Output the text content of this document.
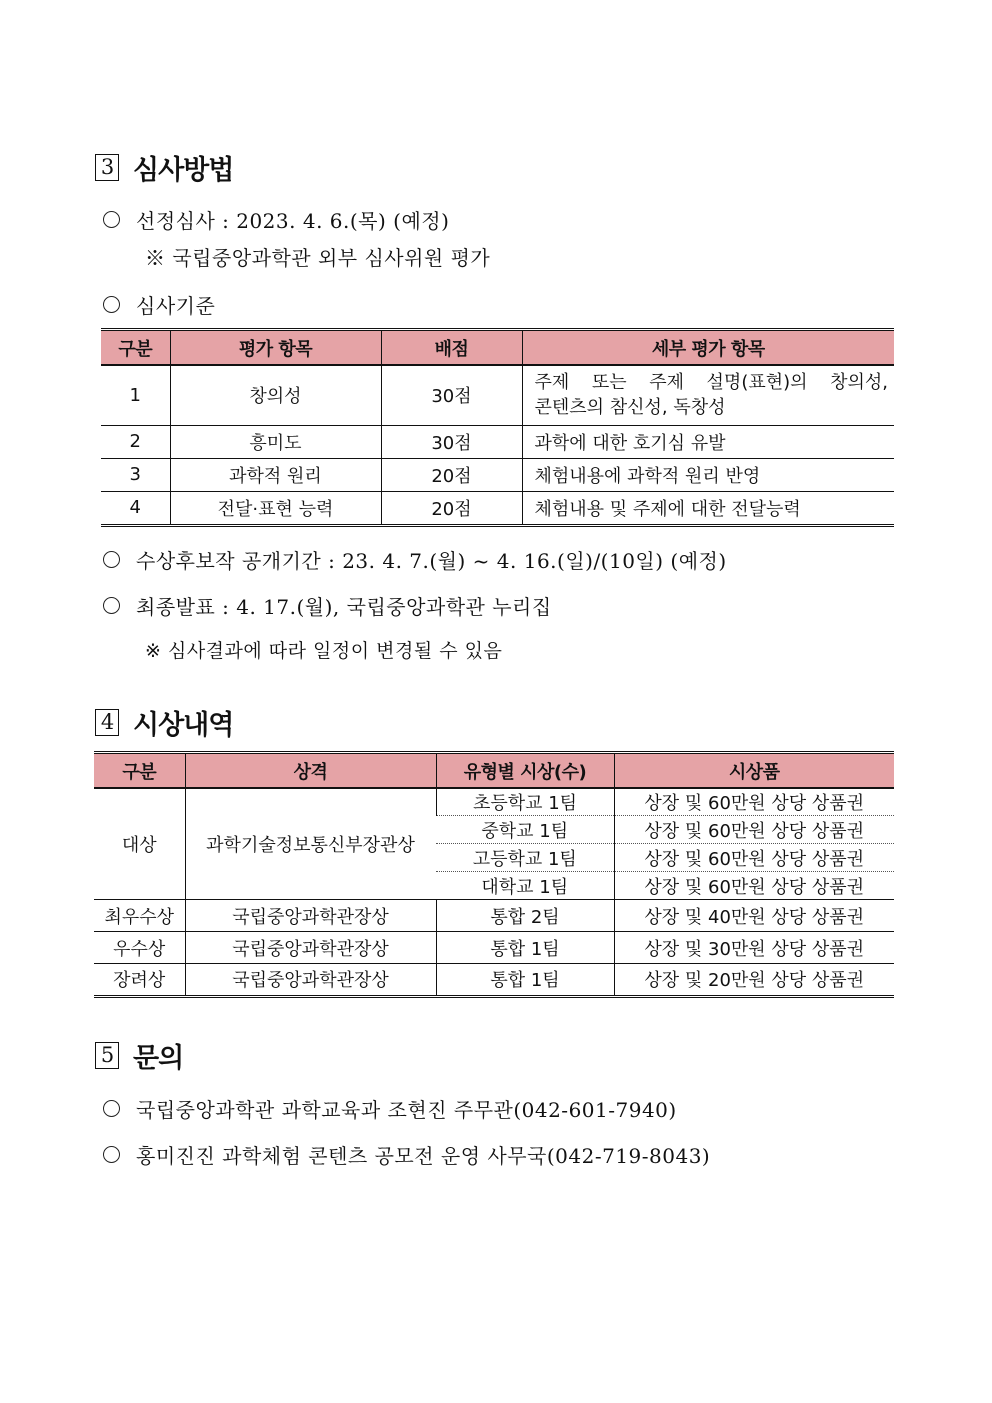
3 심사방법
선정심사 : 2023. 4. 6.(목) (예정)
※ 국립중앙과학관 외부 심사위원 평가
심사기준
구분	평가 항목	배점	세부 평가 항목
1	창의성	30점	주제 또는 주제 설명(표현)의 창의성,
콘텐츠의 참신성, 독창성

2	흥미도	30점	과학에 대한 호기심 유발
3	과학적 원리	20점	체험내용에 과학적 원리 반영
4	전달·표현 능력	20점	체험내용 및 주제에 대한 전달능력
수상후보작 공개기간 : 23. 4. 7.(월) ~ 4. 16.(일)/(10일) (예정)
최종발표 : 4. 17.(월), 국립중앙과학관 누리집
※ 심사결과에 따라 일정이 변경될 수 있음
4 시상내역
구분	상격	유형별 시상(수)	시상품
대상	과학기술정보통신부장관상	초등학교 1팀	상장 및 60만원 상당 상품권
		중학교 1팀	상장 및 60만원 상당 상품권
		고등학교 1팀	상장 및 60만원 상당 상품권
		대학교 1팀	상장 및 60만원 상당 상품권
최우수상	국립중앙과학관장상	통합 2팀	상장 및 40만원 상당 상품권
우수상	국립중앙과학관장상	통합 1팀	상장 및 30만원 상당 상품권
장려상	국립중앙과학관장상	통합 1팀	상장 및 20만원 상당 상품권
5 문의
국립중앙과학관 과학교육과 조현진 주무관(042-601-7940)
홍미진진 과학체험 콘텐츠 공모전 운영 사무국(042-719-8043)
